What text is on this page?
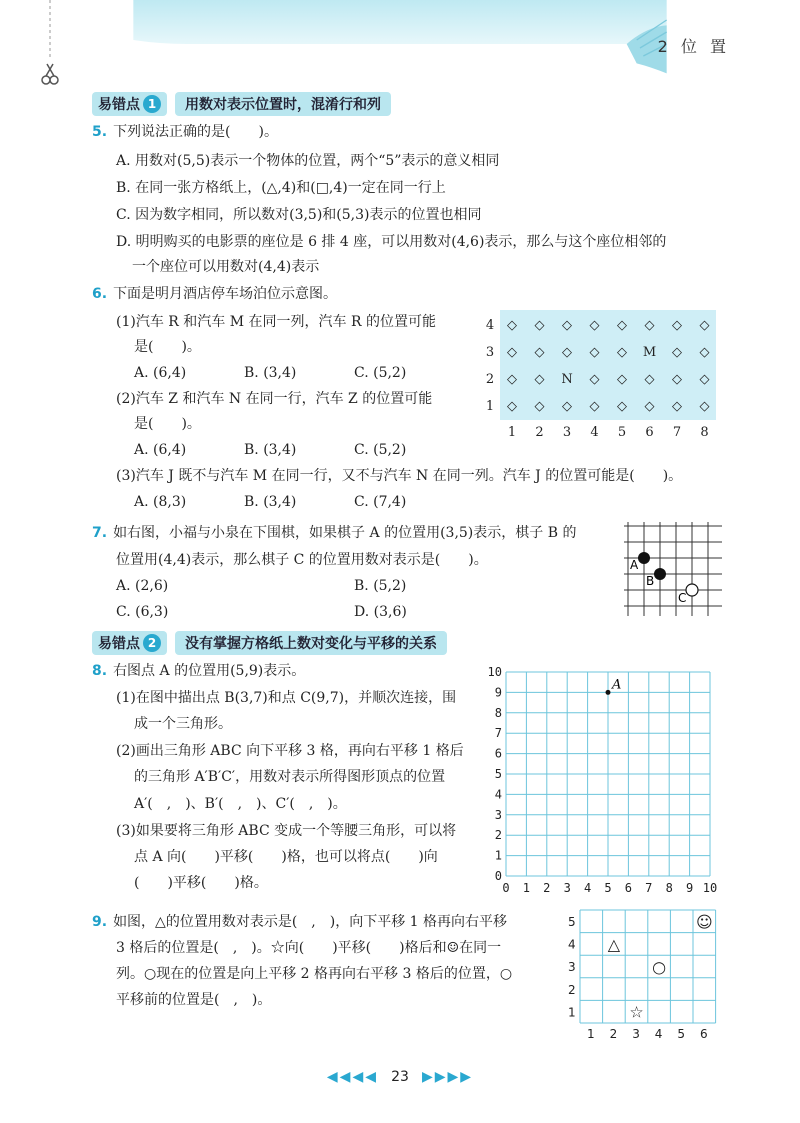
2 位 置
易错点 1	用数对表示位置时，混淆行和列
5. 下列说法正确的是(　　)。
A. 用数对(5,5)表示一个物体的位置，两个“5”表示的意义相同
B. 在同一张方格纸上，(△,4)和(□,4)一定在同一行上
C. 因为数字相同，所以数对(3,5)和(5,3)表示的位置也相同
D. 明明购买的电影票的座位是 6 排 4 座，可以用数对(4,6)表示，那么与这个座位相邻的
一个座位可以用数对(4,4)表示
6. 下面是明月酒店停车场泊位示意图。
(1)汽车 R 和汽车 M 在同一列，汽车 R 的位置可能
是(　　)。
A. (6,4)	B. (3,4)	C. (5,2)
(2)汽车 Z 和汽车 N 在同一行，汽车 Z 的位置可能
是(　　)。
A. (6,4)	B. (3,4)	C. (5,2)
(3)汽车 J 既不与汽车 M 在同一行，又不与汽车 N 在同一列。汽车 J 的位置可能是(　　)。
A. (8,3)	B. (3,4)	C. (7,4)
4 ◇ ◇ ◇ ◇ ◇ ◇ ◇ ◇
3 ◇ ◇ ◇ ◇ ◇ M ◇ ◇
2 ◇ ◇ N ◇ ◇ ◇ ◇ ◇
1 ◇ ◇ ◇ ◇ ◇ ◇ ◇ ◇
1 2 3 4 5 6 7 8
7. 如右图，小福与小泉在下围棋，如果棋子 A 的位置用(3,5)表示，棋子 B 的
位置用(4,4)表示，那么棋子 C 的位置用数对表示是(　　)。
A. (2,6)	B. (5,2)
C. (6,3)	D. (3,6)
A
B
C
易错点 2	没有掌握方格纸上数对变化与平移的关系
8. 右图点 A 的位置用(5,9)表示。
(1)在图中描出点 B(3,7)和点 C(9,7)，并顺次连接，围
成一个三角形。
(2)画出三角形 ABC 向下平移 3 格，再向右平移 1 格后
的三角形 A′B′C′，用数对表示所得图形顶点的位置
A′(　,　)、B′(　,　)、C′(　,　)。
(3)如果要将三角形 ABC 变成一个等腰三角形，可以将
点 A 向(　　)平移(　　)格，也可以将点(　　)向
(　　)平移(　　)格。
10
9
8
7
6
5
4
3
2
1
0
0 1 2 3 4 5 6 7 8 9 10
A
9. 如图，△的位置用数对表示是(　,　)，向下平移 1 格再向右平移
3 格后的位置是(　,　)。☆向(　　)平移(　　)格后和☺在同一
列。○现在的位置是向上平移 2 格再向右平移 3 格后的位置，○
平移前的位置是(　,　)。
5
4
3
2
1
1 2 3 4 5 6
△
○
☆
☺
◀◀◀◀ 23 ▶▶▶▶
